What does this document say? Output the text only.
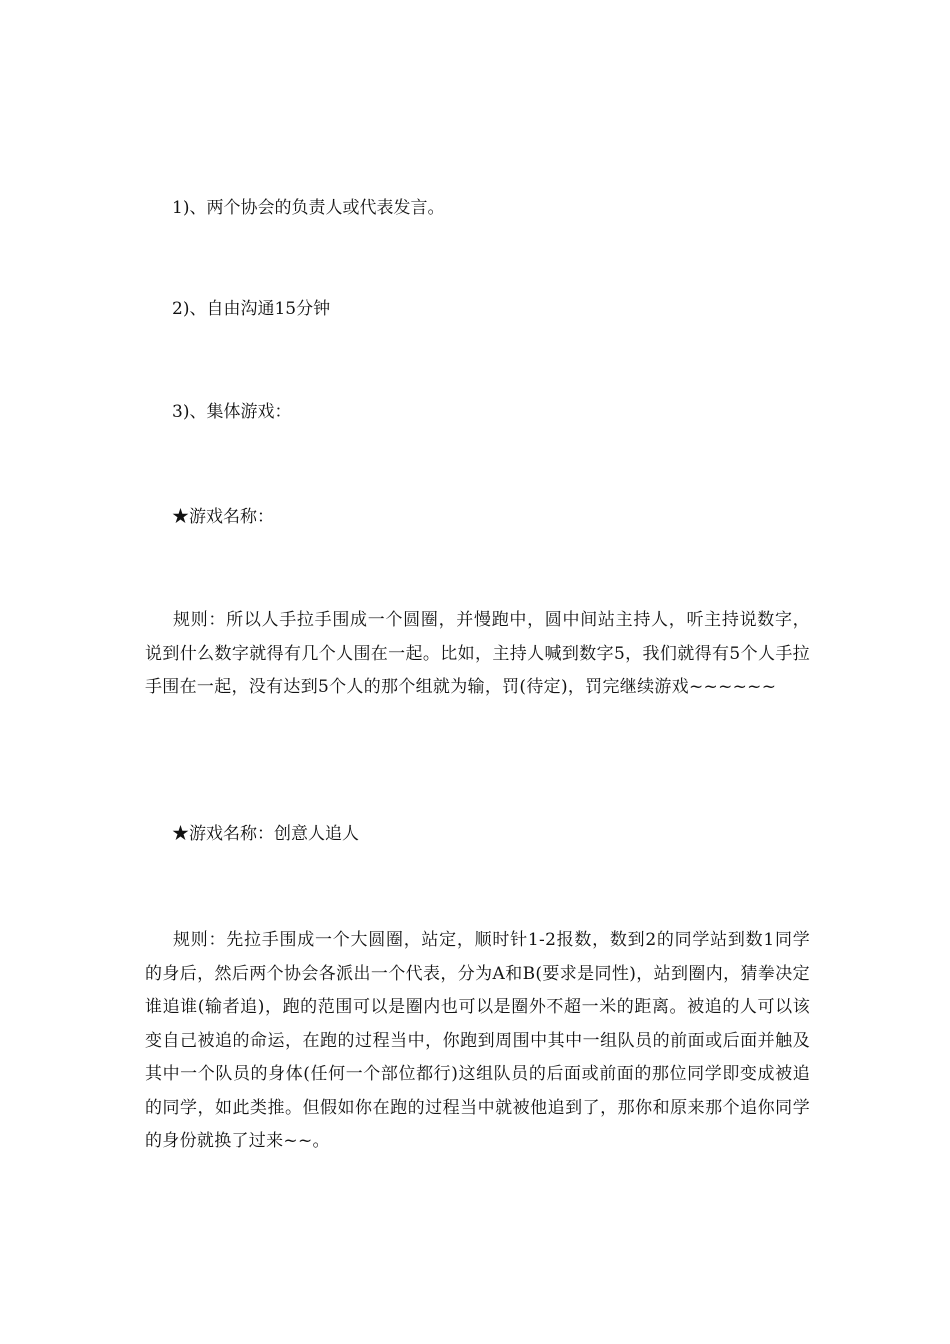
1)、两个协会的负责人或代表发言。
2)、自由沟通15分钟
3)、集体游戏：
★游戏名称：
规则：所以人手拉手围成一个圆圈，并慢跑中，圆中间站主持人，听主持说数字，说到什么数字就得有几个人围在一起。比如，主持人喊到数字5，我们就得有5个人手拉手围在一起，没有达到5个人的那个组就为输，罚(待定)，罚完继续游戏~~~~~~
★游戏名称：创意人追人
规则：先拉手围成一个大圆圈，站定，顺时针1-2报数，数到2的同学站到数1同学的身后，然后两个协会各派出一个代表，分为A和B(要求是同性)，站到圈内，猜拳决定谁追谁(输者追)，跑的范围可以是圈内也可以是圈外不超一米的距离。被追的人可以该变自己被追的命运，在跑的过程当中，你跑到周围中其中一组队员的前面或后面并触及其中一个队员的身体(任何一个部位都行)这组队员的后面或前面的那位同学即变成被追的同学，如此类推。但假如你在跑的过程当中就被他追到了，那你和原来那个追你同学的身份就换了过来~~。
